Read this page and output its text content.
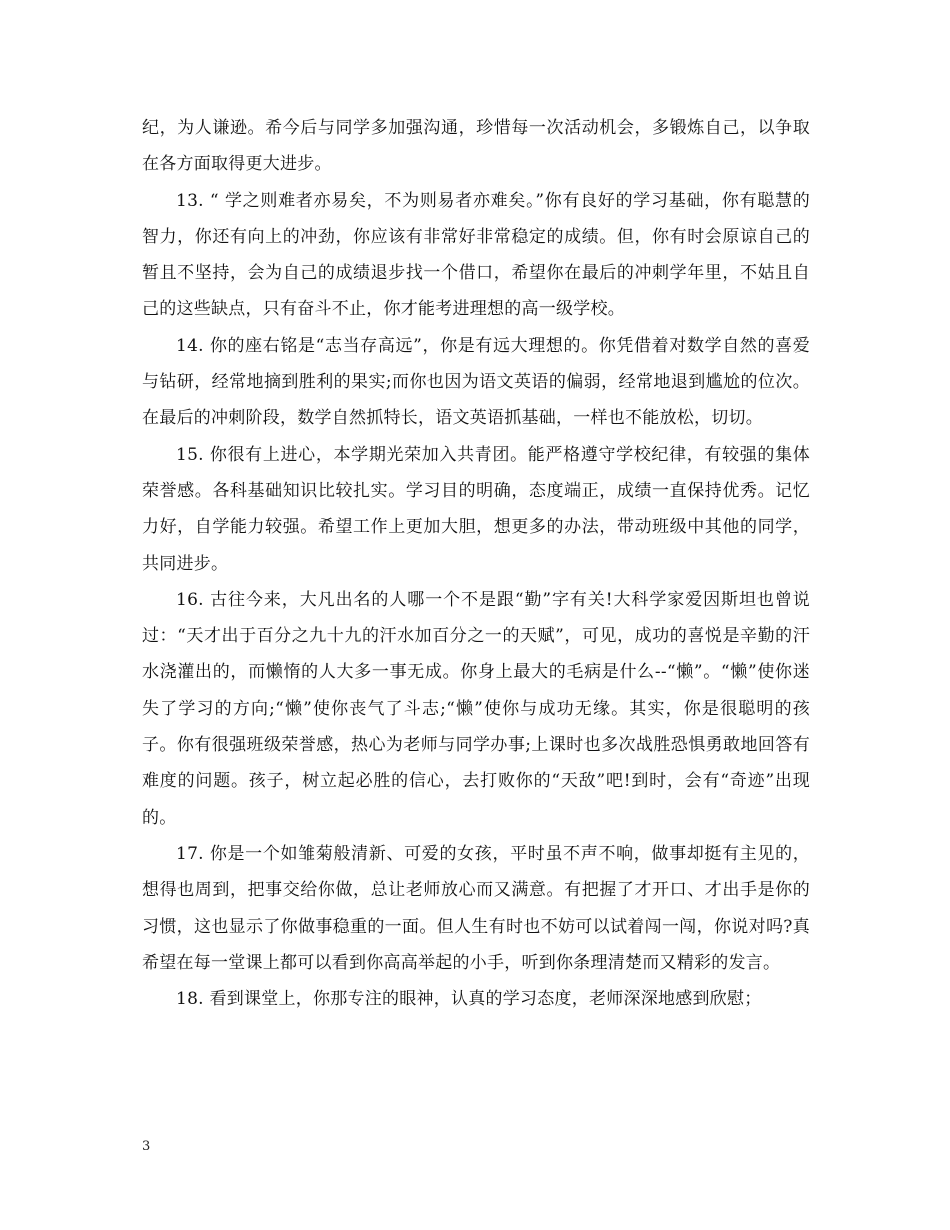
纪，为人谦逊。希今后与同学多加强沟通，珍惜每一次活动机会，多锻炼自己，以争取在各方面取得更大进步。

13. “ 学之则难者亦易矣，不为则易者亦难矣。”你有良好的学习基础，你有聪慧的智力，你还有向上的冲劲，你应该有非常好非常稳定的成绩。但，你有时会原谅自己的暂且不坚持，会为自己的成绩退步找一个借口，希望你在最后的冲刺学年里，不姑且自己的这些缺点，只有奋斗不止，你才能考进理想的高一级学校。

14. 你的座右铭是“志当存高远”，你是有远大理想的。你凭借着对数学自然的喜爱与钻研，经常地摘到胜利的果实;而你也因为语文英语的偏弱，经常地退到尴尬的位次。在最后的冲刺阶段，数学自然抓特长，语文英语抓基础，一样也不能放松，切切。

15. 你很有上进心，本学期光荣加入共青团。能严格遵守学校纪律，有较强的集体荣誉感。各科基础知识比较扎实。学习目的明确，态度端正，成绩一直保持优秀。记忆力好，自学能力较强。希望工作上更加大胆，想更多的办法，带动班级中其他的同学，共同进步。

16. 古往今来，大凡出名的人哪一个不是跟“勤”字有关!大科学家爱因斯坦也曾说过：“天才出于百分之九十九的汗水加百分之一的天赋”，可见，成功的喜悦是辛勤的汗水浇灌出的，而懒惰的人大多一事无成。你身上最大的毛病是什么--“懒”。“懒”使你迷失了学习的方向;“懒”使你丧气了斗志;“懒”使你与成功无缘。其实，你是很聪明的孩子。你有很强班级荣誉感，热心为老师与同学办事;上课时也多次战胜恐惧勇敢地回答有难度的问题。孩子，树立起必胜的信心，去打败你的“天敌”吧!到时，会有“奇迹”出现的。

17. 你是一个如雏菊般清新、可爱的女孩，平时虽不声不响，做事却挺有主见的，想得也周到，把事交给你做，总让老师放心而又满意。有把握了才开口、才出手是你的习惯，这也显示了你做事稳重的一面。但人生有时也不妨可以试着闯一闯，你说对吗?真希望在每一堂课上都可以看到你高高举起的小手，听到你条理清楚而又精彩的发言。

18. 看到课堂上，你那专注的眼神，认真的学习态度，老师深深地感到欣慰；

3
